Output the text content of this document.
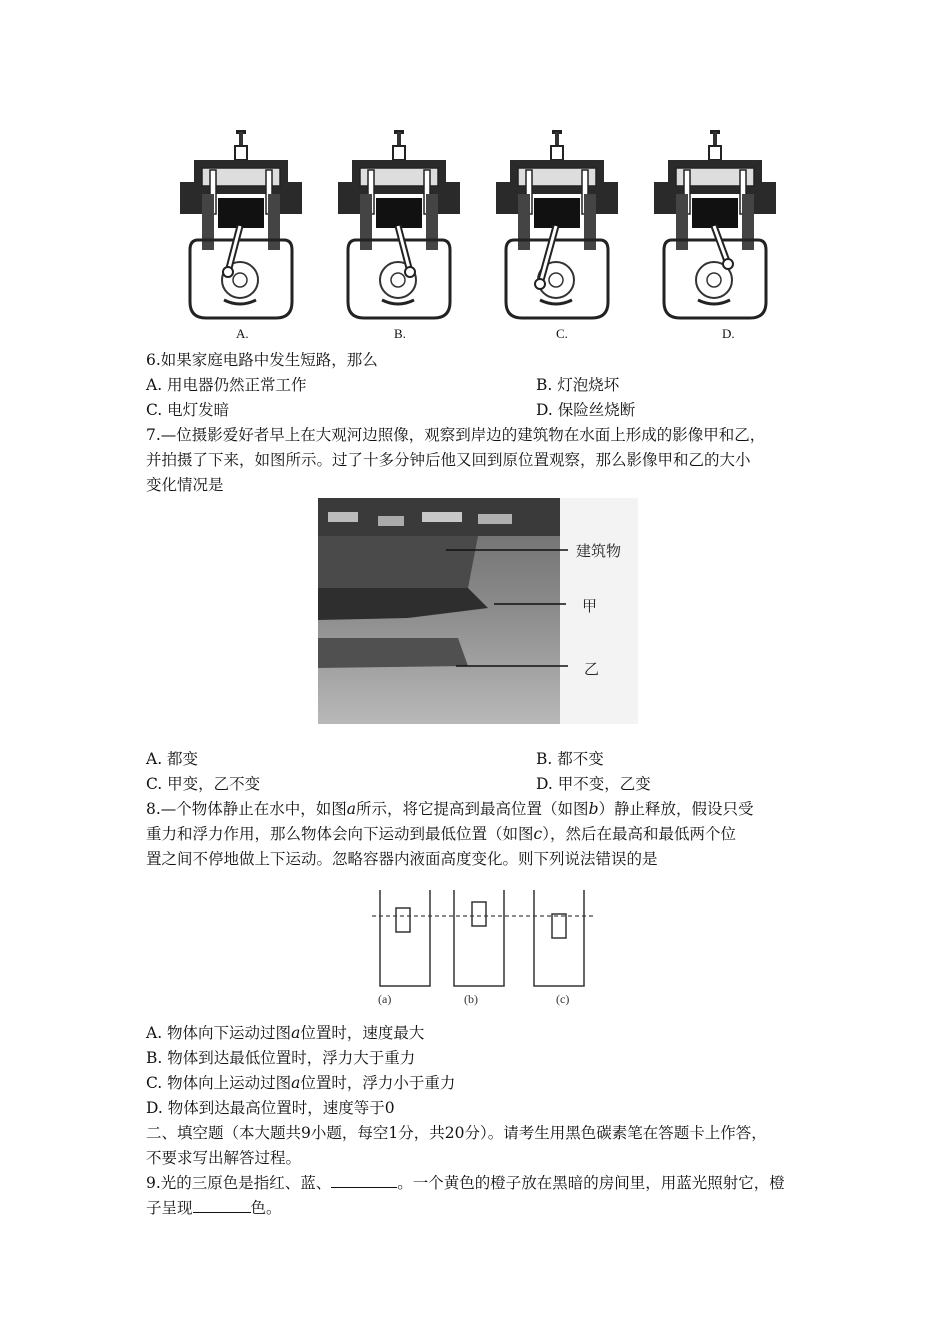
A.	B.	C.	D.
6.如果家庭电路中发生短路，那么
A. 用电器仍然正常工作	B. 灯泡烧坏
C. 电灯发暗	D. 保险丝烧断
7.—位摄影爱好者早上在大观河边照像，观察到岸边的建筑物在水面上形成的影像甲和乙，
并拍摄了下来，如图所示。过了十多分钟后他又回到原位置观察，那么影像甲和乙的大小
变化情况是
建筑物
甲
乙
A. 都变	B. 都不变
C. 甲变，乙不变	D. 甲不变，乙变
8.—个物体静止在水中，如图a所示，将它提高到最高位置（如图b）静止释放，假设只受
重力和浮力作用，那么物体会向下运动到最低位置（如图c），然后在最高和最低两个位
置之间不停地做上下运动。忽略容器内液面高度变化。则下列说法错误的是
(a)	(b)	(c)
A. 物体向下运动过图a位置时，速度最大
B. 物体到达最低位置时，浮力大于重力
C. 物体向上运动过图a位置时，浮力小于重力
D. 物体到达最高位置时，速度等于0
二、填空题（本大题共9小题，每空1分，共20分）。请考生用黑色碳素笔在答题卡上作答，
不要求写出解答过程。
9.光的三原色是指红、蓝、	。一个黄色的橙子放在黑暗的房间里，用蓝光照射它，橙
子呈现	色。
